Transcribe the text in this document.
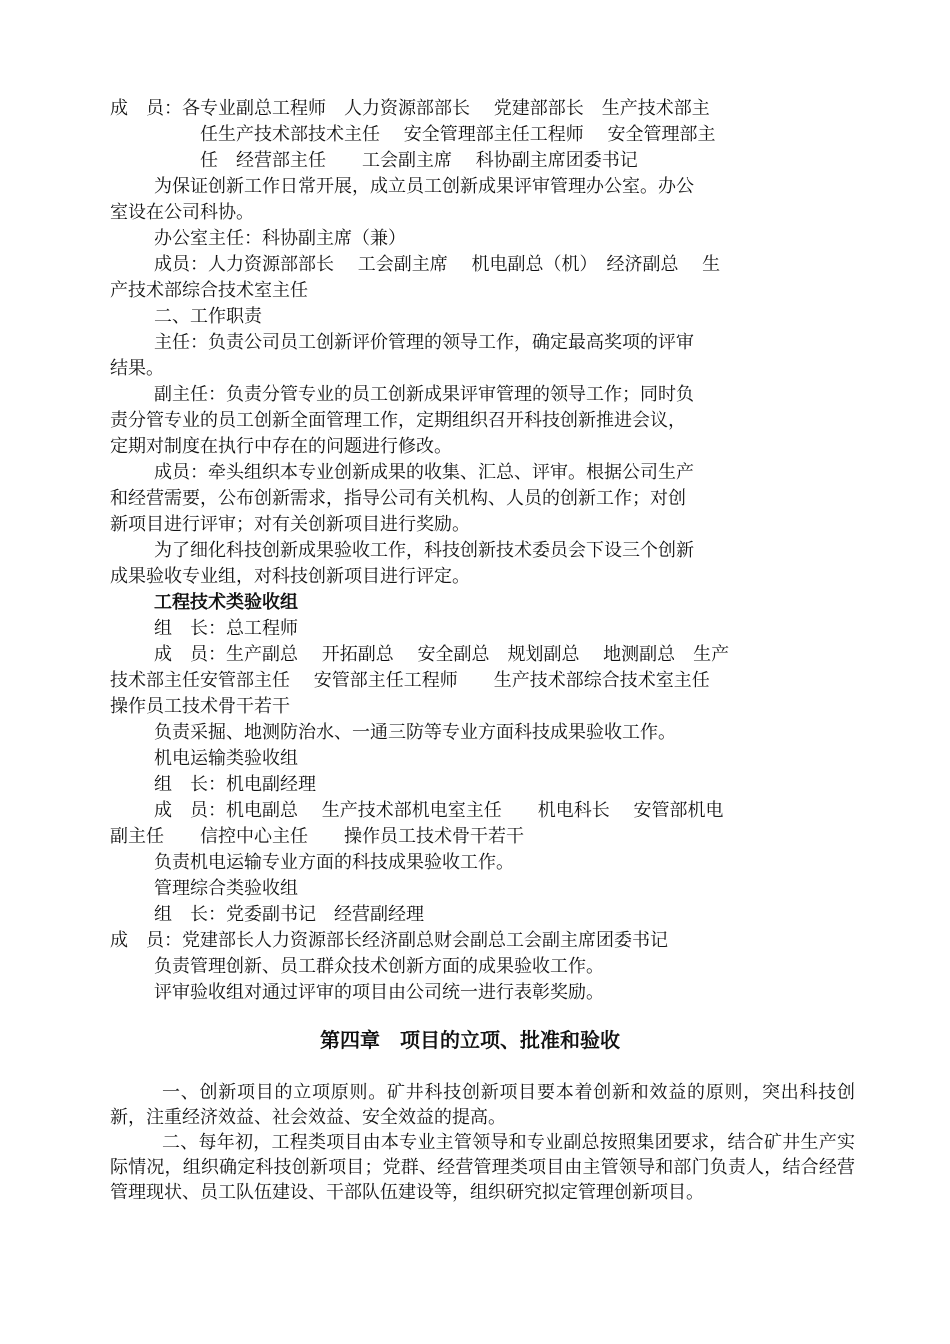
成　员：各专业副总工程师　人力资源部部长　 党建部部长　生产技术部主
任生产技术部技术主任　 安全管理部主任工程师　 安全管理部主
任　经营部主任　　工会副主席　 科协副主席团委书记
为保证创新工作日常开展，成立员工创新成果评审管理办公室。办公
室设在公司科协。
办公室主任：科协副主席（兼）
成员：人力资源部部长　 工会副主席　 机电副总（机）　经济副总　 生
产技术部综合技术室主任
二、工作职责
主任：负责公司员工创新评价管理的领导工作，确定最高奖项的评审
结果。
副主任：负责分管专业的员工创新成果评审管理的领导工作；同时负
责分管专业的员工创新全面管理工作，定期组织召开科技创新推进会议，
定期对制度在执行中存在的问题进行修改。
成员：牵头组织本专业创新成果的收集、汇总、评审。根据公司生产
和经营需要，公布创新需求，指导公司有关机构、人员的创新工作；对创
新项目进行评审；对有关创新项目进行奖励。
为了细化科技创新成果验收工作，科技创新技术委员会下设三个创新
成果验收专业组，对科技创新项目进行评定。
工程技术类验收组
组　长：总工程师
成　员：生产副总　 开拓副总　 安全副总　规划副总　 地测副总　生产
技术部主任安管部主任　 安管部主任工程师　　生产技术部综合技术室主任
操作员工技术骨干若干
负责采掘、地测防治水、一通三防等专业方面科技成果验收工作。
机电运输类验收组
组　长：机电副经理
成　员：机电副总　 生产技术部机电室主任　　机电科长　 安管部机电
副主任　　信控中心主任　　操作员工技术骨干若干
负责机电运输专业方面的科技成果验收工作。
管理综合类验收组
组　长：党委副书记　经营副经理
成　员：党建部长人力资源部长经济副总财会副总工会副主席团委书记
负责管理创新、员工群众技术创新方面的成果验收工作。
评审验收组对通过评审的项目由公司统一进行表彰奖励。
第四章　项目的立项、批准和验收
一、创新项目的立项原则。矿井科技创新项目要本着创新和效益的原则，突出科技创新，注重经济效益、社会效益、安全效益的提高。
二、每年初，工程类项目由本专业主管领导和专业副总按照集团要求，结合矿井生产实际情况，组织确定科技创新项目；党群、经营管理类项目由主管领导和部门负责人，结合经营管理现状、员工队伍建设、干部队伍建设等，组织研究拟定管理创新项目。
